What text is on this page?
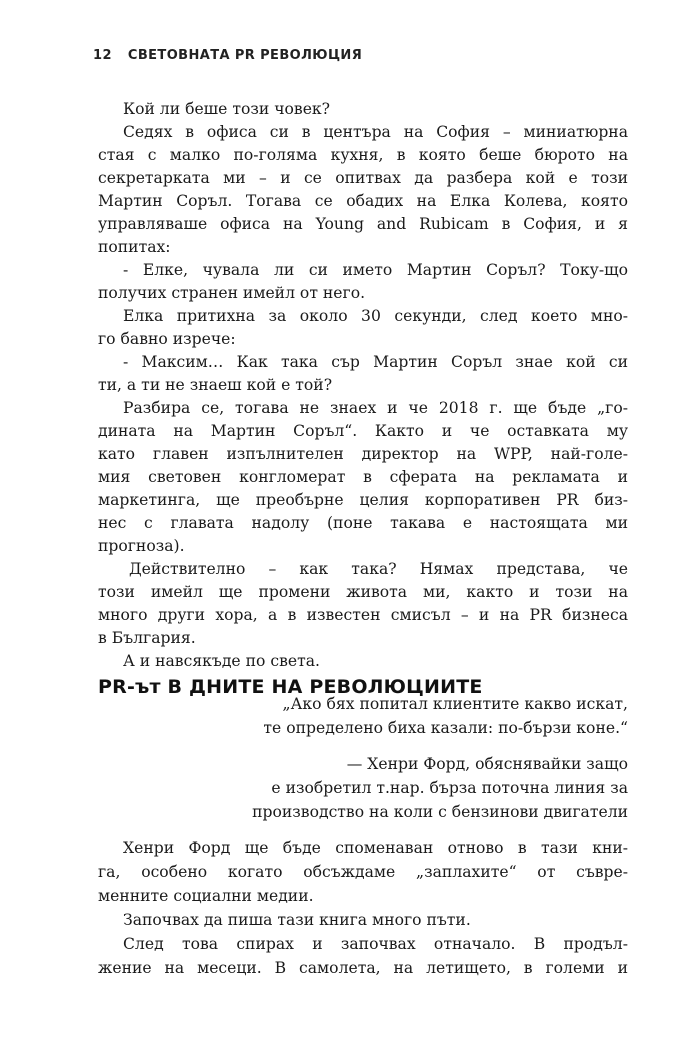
12 СВЕТОВНАТА PR РЕВОЛЮЦИЯ
Кой ли беше този човек?
Седях в офиса си в центъра на София – миниатюрна
стая с малко по-голяма кухня, в която беше бюрото на
секретарката ми – и се опитвах да разбера кой е този
Мартин Соръл. Тогава се обадих на Елка Колева, която
управляваше офиса на Young and Rubicam в София, и я
попитах:
- Елке, чувала ли си името Мартин Соръл? Току-що
получих странен имейл от него.
Елка притихна за около 30 секунди, след което мно-
го бавно изрече:
- Максим… Как така сър Мартин Соръл знае кой си
ти, а ти не знаеш кой е той?
Разбира се, тогава не знаех и че 2018 г. ще бъде „го-
дината на Мартин Соръл“. Както и че оставката му
като главен изпълнителен директор на WPP, най-голе-
мия световен конгломерат в сферата на рекламата и
маркетинга, ще преобърне целия корпоративен PR биз-
нес с главата надолу (поне такава е настоящата ми
прогноза).
Действително – как така? Нямах представа, че
този имейл ще промени живота ми, както и този на
много други хора, а в известен смисъл – и на PR бизнеса
PR-ът В ДНИТЕ НА РЕВОЛЮЦИИТЕ
„Ако бях попитал клиентите какво искат,
те определено биха казали: по-бързи коне.“
— Хенри Форд, обяснявайки защо
е изобретил т.нар. бърза поточна линия за
производство на коли с бензинови двигатели
Хенри Форд ще бъде споменаван отново в тази кни-
га, особено когато обсъждаме „заплахите“ от съвре-
менните социални медии.
Започвах да пиша тази книга много пъти.
След това спирах и започвах отначало. В продъл-
жение на месеци. В самолета, на летището, в големи и
в България.
А и навсякъде по света.
